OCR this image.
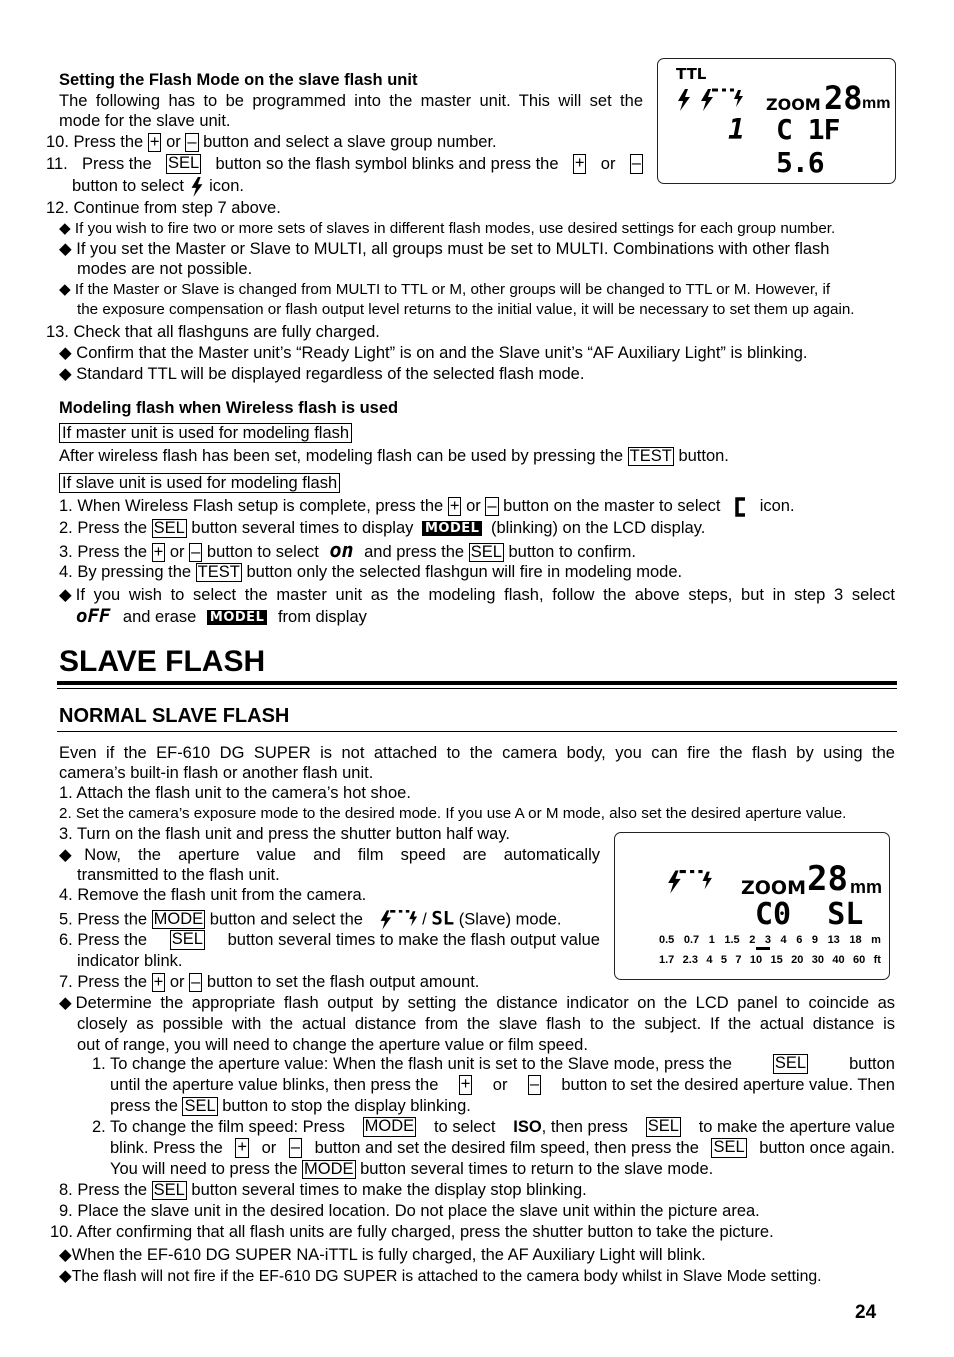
TTL
ZOOM 28 mm
1 C 1F 5.6
Setting the Flash Mode on the slave flash unit
The following has to be programmed into the master unit. This will set the
mode for the slave unit.
10. Press the + or – button and select a slave group number.
11. Press the SEL button so the flash symbol blinks and press the + or –
button to select icon.
12. Continue from step 7 above.
◆ If you wish to fire two or more sets of slaves in different flash modes, use desired settings for each group number.
◆ If you set the Master or Slave to MULTI, all groups must be set to MULTI. Combinations with other flash
modes are not possible.
◆ If the Master or Slave is changed from MULTI to TTL or M, other groups will be changed to TTL or M. However, if
the exposure compensation or flash output level returns to the initial value, it will be necessary to set them up again.
13. Check that all flashguns are fully charged.
◆ Confirm that the Master unit’s “Ready Light” is on and the Slave unit’s “AF Auxiliary Light” is blinking.
◆ Standard TTL will be displayed regardless of the selected flash mode.
Modeling flash when Wireless flash is used
If master unit is used for modeling flash
After wireless flash has been set, modeling flash can be used by pressing the TEST button.
If slave unit is used for modeling flash
1. When Wireless Flash setup is complete, press the + or – button on the master to select icon.
2. Press the SEL button several times to display MODEL (blinking) on the LCD display.
3. Press the + or – button to select on and press the SEL button to confirm.
4. By pressing the TEST button only the selected flashgun will fire in modeling mode.
◆If you wish to select the master unit as the modeling flash, follow the above steps, but in step 3 select
oFF and erase MODEL from display
SLAVE FLASH
NORMAL SLAVE FLASH
ZOOM 28 mm
C0  SL
0.5 0.7 1 1.5 2 3 4 6 9 13 18 m
1.7 2.3 4 5 7 10 15 20 30 40 60 ft
Even if the EF-610 DG SUPER is not attached to the camera body, you can fire the flash by using the
camera’s built-in flash or another flash unit.
1. Attach the flash unit to the camera’s hot shoe.
2. Set the camera’s exposure mode to the desired mode. If you use A or M mode, also set the desired aperture value.
3. Turn on the flash unit and press the shutter button half way.
◆Now, the aperture value and film speed are automatically
transmitted to the flash unit.
4. Remove the flash unit from the camera.
5. Press the MODE button and select the	/ SL (Slave) mode.
6. Press the SEL button several times to make the flash output value
indicator blink.
7. Press the + or – button to set the flash output amount.
◆Determine the appropriate flash output by setting the distance indicator on the LCD panel to coincide as
closely as possible with the actual distance from the slave flash to the subject. If the actual distance is
out of range, you will need to change the aperture value or film speed.
1. To change the aperture value: When the flash unit is set to the Slave mode, press the	SEL	button
until the aperture value blinks, then press the + or – button to set the desired aperture value. Then
press the SEL button to stop the display blinking.
2. To change the film speed: Press MODE to select ISO, then press SEL to make the aperture value
blink. Press the + or – button and set the desired film speed, then press the SEL button once again.
You will need to press the MODE button several times to return to the slave mode.
8. Press the SEL button several times to make the display stop blinking.
9. Place the slave unit in the desired location. Do not place the slave unit within the picture area.
10. After confirming that all flash units are fully charged, press the shutter button to take the picture.
◆When the EF-610 DG SUPER NA-iTTL is fully charged, the AF Auxiliary Light will blink.
◆The flash will not fire if the EF-610 DG SUPER is attached to the camera body whilst in Slave Mode setting.
24
